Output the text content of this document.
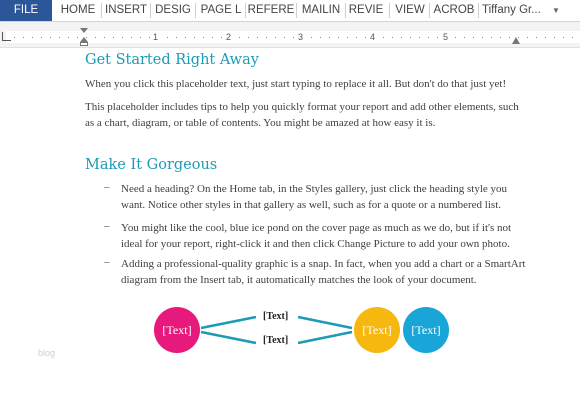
FILE	HOME INSERT DESIG PAGE L REFERE MAILIN REVIE VIEW ACROB Tiffany Gr... ▼
1	2	3	4	5
Get Started Right Away
When you click this placeholder text, just start typing to replace it all. But don't do that just yet!
This placeholder includes tips to help you quickly format your report and add other elements, such as a chart, diagram, or table of contents. You might be amazed at how easy it is.
Make It Gorgeous
– Need a heading? On the Home tab, in the Styles gallery, just click the heading style you want. Notice other styles in that gallery as well, such as for a quote or a numbered list.
– You might like the cool, blue ice pond on the cover page as much as we do, but if it's not ideal for your report, right-click it and then click Change Picture to add your own photo.
– Adding a professional-quality graphic is a snap. In fact, when you add a chart or a SmartArt diagram from the Insert tab, it automatically matches the look of your document.
[Text]
[Text]
[Text]
[Text]	[Text]
blog
